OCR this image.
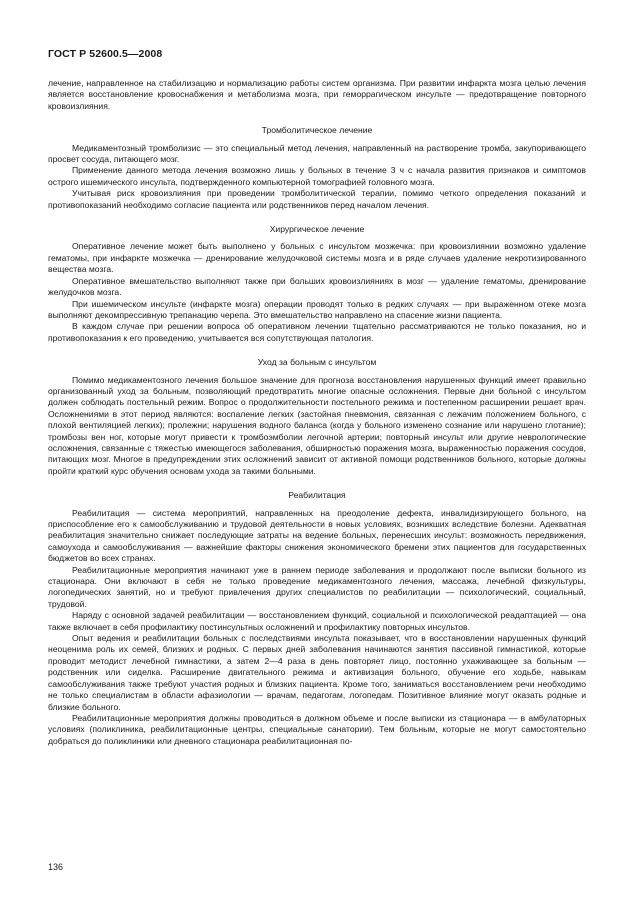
ГОСТ Р 52600.5—2008

лечение, направленное на стабилизацию и нормализацию работы систем организма. При развитии инфаркта мозга целью лечения является восстановление кровоснабжения и метаболизма мозга, при геморрагическом инсульте — предотвращение повторного кровоизлияния.

Тромболитическое лечение

Медикаментозный тромболизис — это специальный метод лечения, направленный на растворение тромба, закупоривающего просвет сосуда, питающего мозг.

Применение данного метода лечения возможно лишь у больных в течение 3 ч с начала развития признаков и симптомов острого ишемического инсульта, подтвержденного компьютерной томографией головного мозга.

Учитывая риск кровоизлияния при проведении тромболитической терапии, помимо четкого определения показаний и противопоказаний необходимо согласие пациента или родственников перед началом лечения.

Хирургическое лечение

Оперативное лечение может быть выполнено у больных с инсультом мозжечка: при кровоизлиянии возможно удаление гематомы, при инфаркте мозжечка — дренирование желудочковой системы мозга и в ряде случаев удаление некротизированного вещества мозга.

Оперативное вмешательство выполняют также при больших кровоизлияниях в мозг — удаление гематомы, дренирование желудочков мозга.

При ишемическом инсульте (инфаркте мозга) операции проводят только в редких случаях — при выраженном отеке мозга выполняют декомпрессивную трепанацию черепа. Это вмешательство направлено на спасение жизни пациента.

В каждом случае при решении вопроса об оперативном лечении тщательно рассматриваются не только показания, но и противопоказания к его проведению, учитывается вся сопутствующая патология.

Уход за больным с инсультом

Помимо медикаментозного лечения большое значение для прогноза восстановления нарушенных функций имеет правильно организованный уход за больным, позволяющий предотвратить многие опасные осложнения. Первые дни больной с инсультом должен соблюдать постельный режим. Вопрос о продолжительности постельного режима и постепенном расширении решает врач. Осложнениями в этот период являются: воспаление легких (застойная пневмония, связанная с лежачим положением больного, с плохой вентиляцией легких); пролежни; нарушения водного баланса (когда у больного изменено сознание или нарушено глотание); тромбозы вен ног, которые могут привести к тромбоэмболии легочной артерии; повторный инсульт или другие неврологические осложнения, связанные с тяжестью имеющегося заболевания, обширностью поражения мозга, выраженностью поражения сосудов, питающих мозг. Многое в предупреждении этих осложнений зависит от активной помощи родственников больного, которые должны пройти краткий курс обучения основам ухода за такими больными.

Реабилитация

Реабилитация — система мероприятий, направленных на преодоление дефекта, инвалидизирующего больного, на приспособление его к самообслуживанию и трудовой деятельности в новых условиях, возникших вследствие болезни. Адекватная реабилитация значительно снижает последующие затраты на ведение больных, перенесших инсульт: возможность передвижения, самоухода и самообслуживания — важнейшие факторы снижения экономического бремени этих пациентов для государственных бюджетов во всех странах.

Реабилитационные мероприятия начинают уже в раннем периоде заболевания и продолжают после выписки больного из стационара. Они включают в себя не только проведение медикаментозного лечения, массажа, лечебной физкультуры, логопедических занятий, но и требуют привлечения других специалистов по реабилитации — психологический, социальный, трудовой.

Наряду с основной задачей реабилитации — восстановлением функций, социальной и психологической реадаптацией — она также включает в себя профилактику постинсультных осложнений и профилактику повторных инсультов.

Опыт ведения и реабилитации больных с последствиями инсульта показывает, что в восстановлении нарушенных функций неоценима роль их семей, близких и родных. С первых дней заболевания начинаются занятия пассивной гимнастикой, которые проводит методист лечебной гимнастики, а затем 2—4 раза в день повторяет лицо, постоянно ухаживающее за больным — родственник или сиделка. Расширение двигательного режима и активизация больного, обучение его ходьбе, навыкам самообслуживания также требуют участия родных и близких пациента. Кроме того, заниматься восстановлением речи необходимо не только специалистам в области афазиологии — врачам, педагогам, логопедам. Позитивное влияние могут оказать родные и близкие больного.

Реабилитационные мероприятия должны проводиться в должном объеме и после выписки из стационара — в амбулаторных условиях (поликлиника, реабилитационные центры, специальные санатории). Тем больным, которые не могут самостоятельно добраться до поликлиники или дневного стационара реабилитационная по-

136
